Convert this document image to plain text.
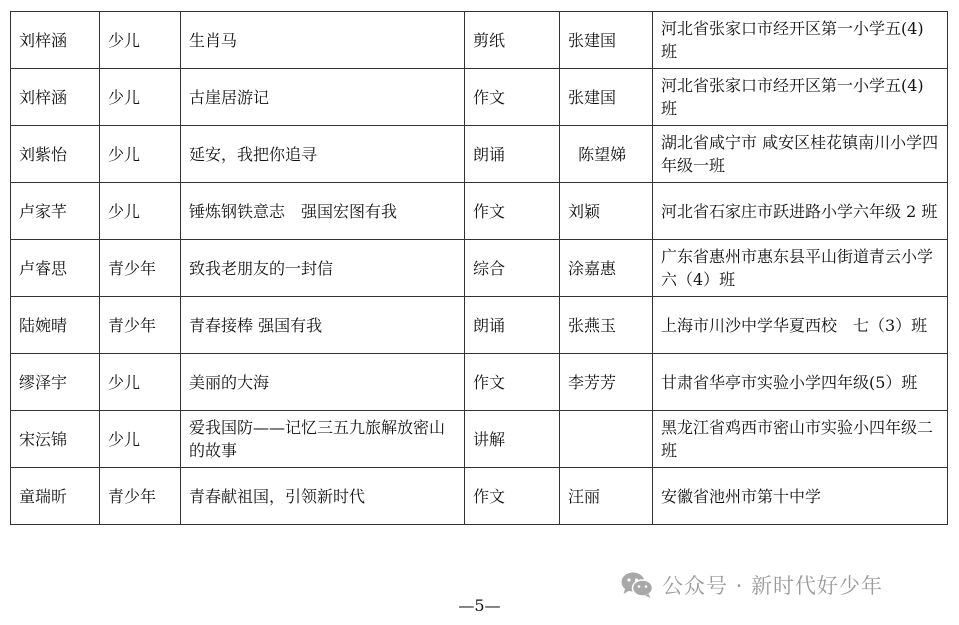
刘梓涵	少儿	生肖马	剪纸	张建国	河北省张家口市经开区第一小学五(4)班
刘梓涵	少儿	古崖居游记	作文	张建国	河北省张家口市经开区第一小学五(4)班
刘紫怡	少儿	延安，我把你追寻	朗诵	陈望娣	湖北省咸宁市 咸安区桂花镇南川小学四年级一班
卢家芊	少儿	锤炼钢铁意志　强国宏图有我	作文	刘颖	河北省石家庄市跃进路小学六年级 2 班
卢睿思	青少年	致我老朋友的一封信	综合	涂嘉惠	广东省惠州市惠东县平山街道青云小学六（4）班
陆婉晴	青少年	青春接棒 强国有我	朗诵	张燕玉	上海市川沙中学华夏西校　七（3）班
缪泽宇	少儿	美丽的大海	作文	李芳芳	甘肃省华亭市实验小学四年级(5）班
宋沄锦	少儿	爱我国防——记忆三五九旅解放密山的故事	讲解		黑龙江省鸡西市密山市实验小四年级二班
童瑞昕	青少年	青春献祖国，引领新时代	作文	汪丽	安徽省池州市第十中学
公众号 · 新时代好少年
—5—
